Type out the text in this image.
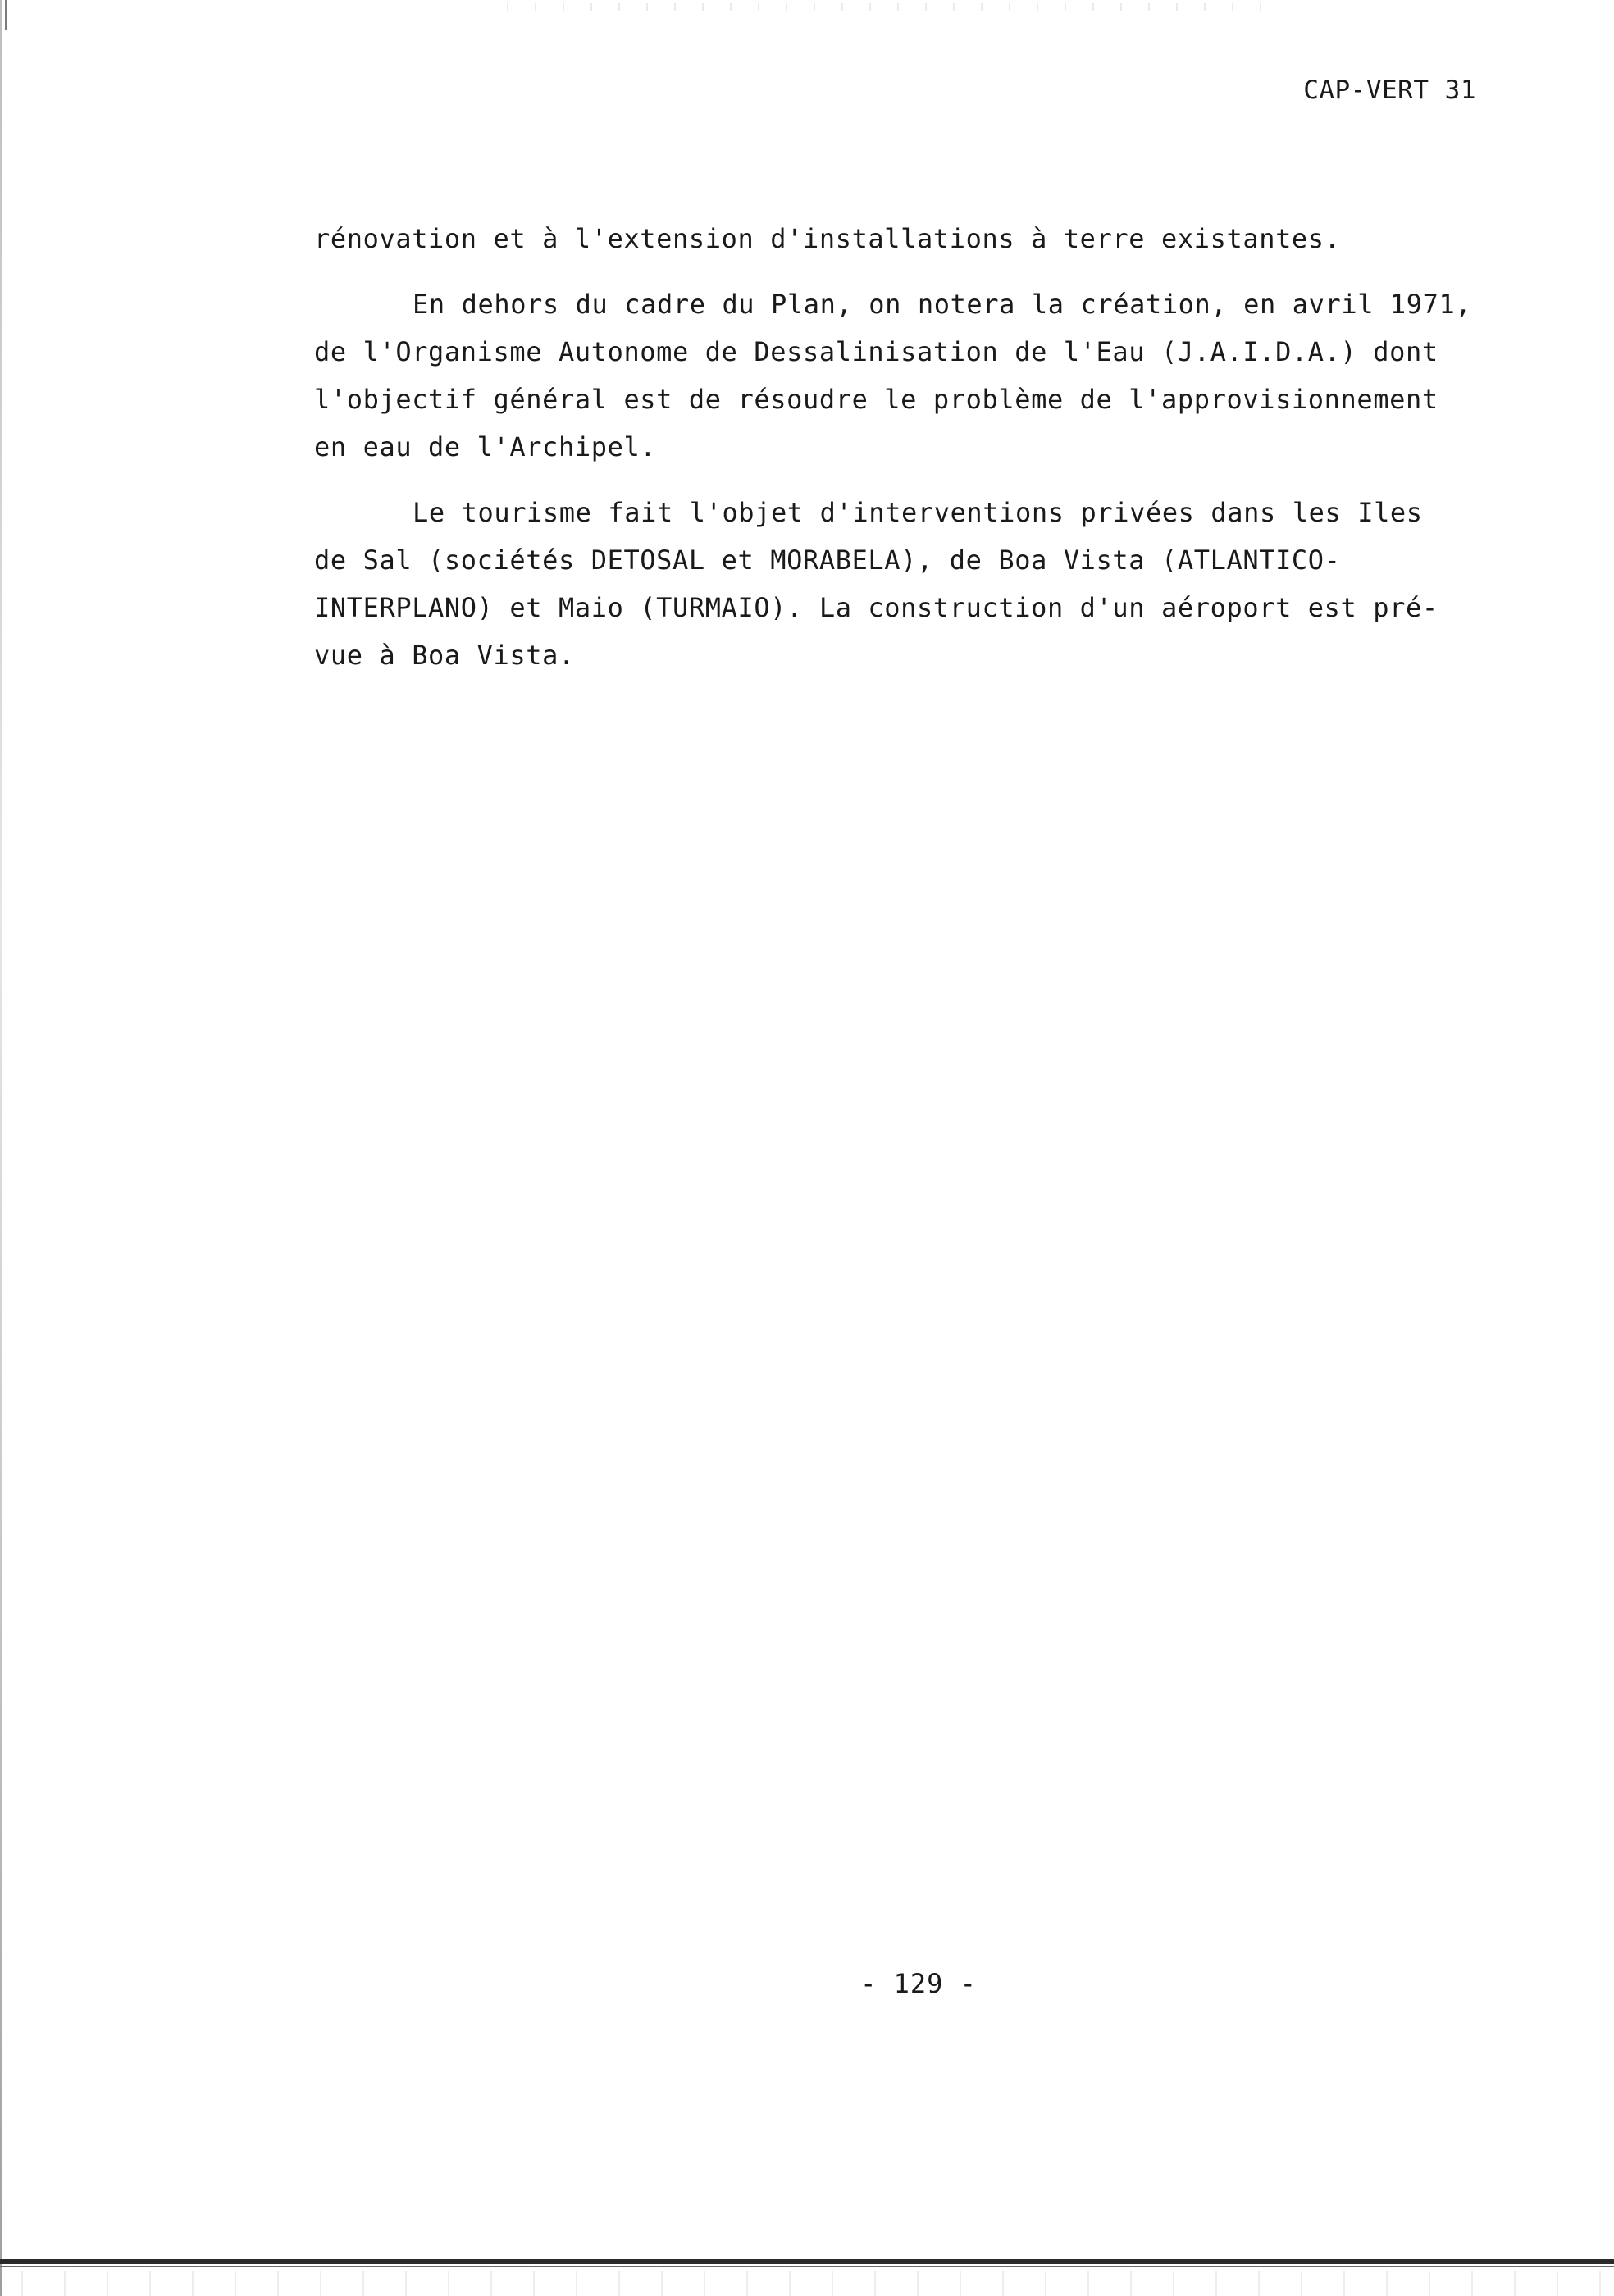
CAP-VERT 31
rénovation et à l'extension d'installations à terre existantes.
En dehors du cadre du Plan, on notera la création, en avril 1971,
de l'Organisme Autonome de Dessalinisation de l'Eau (J.A.I.D.A.) dont
l'objectif général est de résoudre le problème de l'approvisionnement
en eau de l'Archipel.
Le tourisme fait l'objet d'interventions privées dans les Iles
de Sal (sociétés DETOSAL et MORABELA), de Boa Vista (ATLANTICO-
INTERPLANO) et Maio (TURMAIO). La construction d'un aéroport est pré-
vue à Boa Vista.
- 129 -
